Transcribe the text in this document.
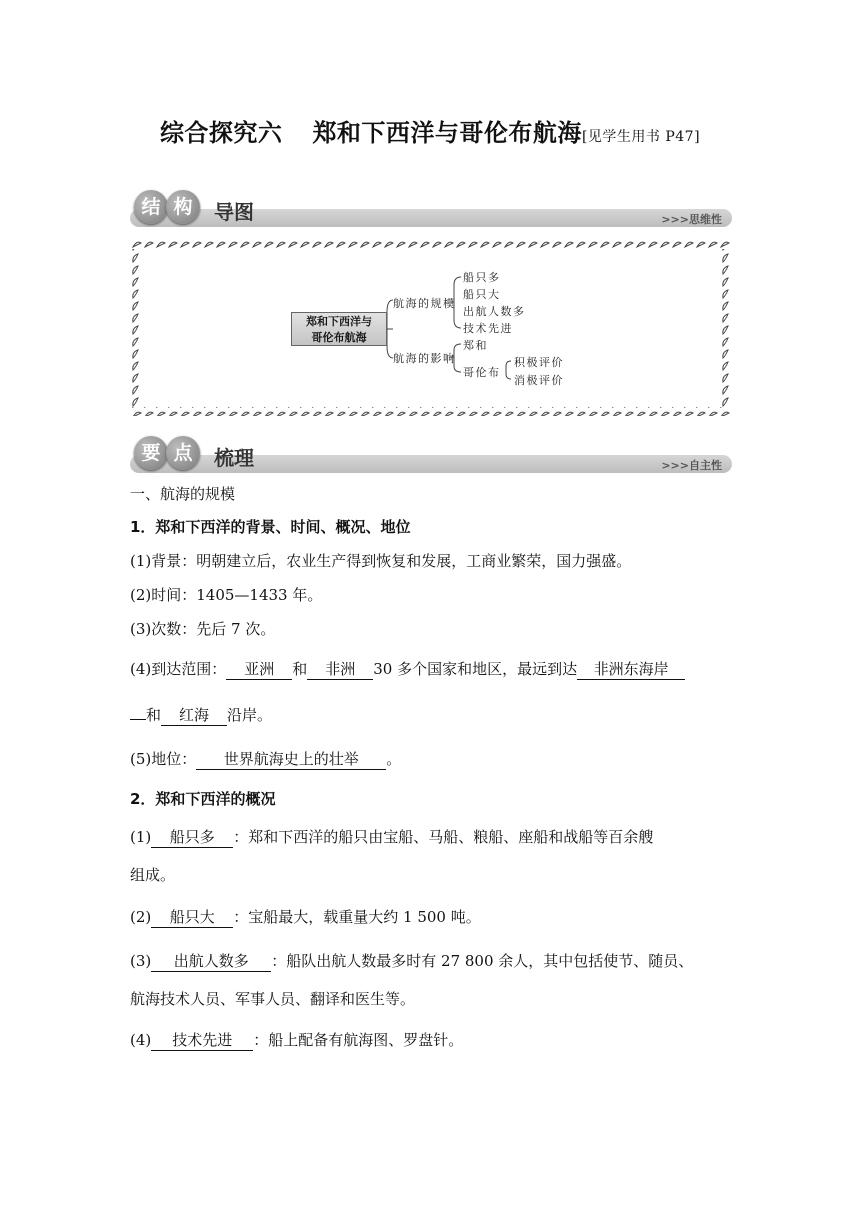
综合探究六 郑和下西洋与哥伦布航海[见学生用书 P47]
结 构	导图	>>>思维性
郑和下西洋与
哥伦布航海
航海的规模
船只多
船只大
出航人数多
技术先进
航海的影响
郑和
哥伦布
积极评价
消极评价
要 点	梳理	>>>自主性
一、航海的规模
1．郑和下西洋的背景、时间、概况、地位
(1)背景：明朝建立后，农业生产得到恢复和发展，工商业繁荣，国力强盛。
(2)时间：1405—1433 年。
(3)次数：先后 7 次。
(4)到达范围： 亚洲 和 非洲 30 多个国家和地区，最远到达 非洲东海岸
和 红海 沿岸。
(5)地位： 世界航海史上的壮举 。
2．郑和下西洋的概况
(1) 船只多 ：郑和下西洋的船只由宝船、马船、粮船、座船和战船等百余艘
组成。
(2) 船只大 ：宝船最大，载重量大约 1 500 吨。
(3) 出航人数多 ：船队出航人数最多时有 27 800 余人，其中包括使节、随员、
航海技术人员、军事人员、翻译和医生等。
(4) 技术先进 ：船上配备有航海图、罗盘针。
